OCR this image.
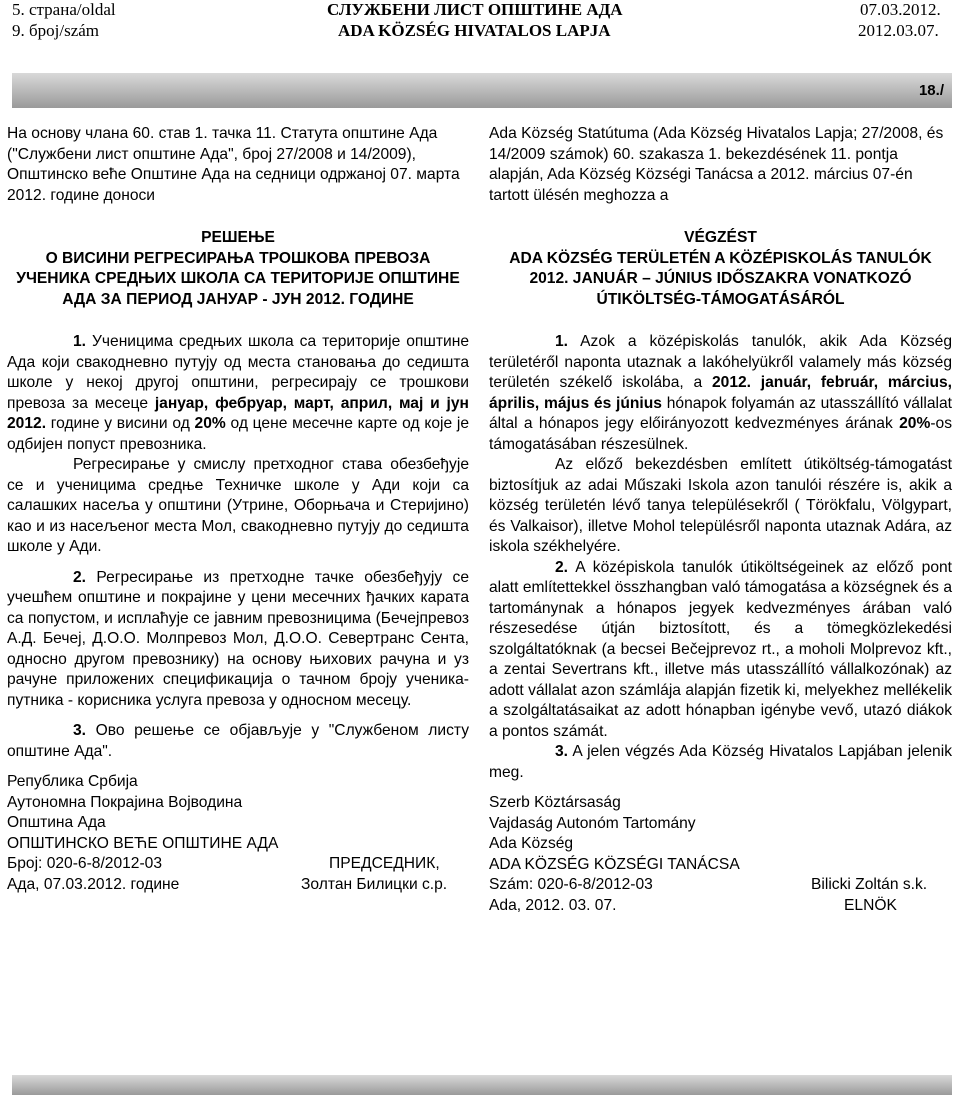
5. страна/oldal
9. број/szám
СЛУЖБЕНИ ЛИСТ ОПШТИНЕ АДА
ADA KÖZSÉG HIVATALOS LAPJA
07.03.2012.
2012.03.07.
18./

На основу члана 60. став 1. тачка 11. Статута општине Ада ("Службени лист општине Ада", број 27/2008 и 14/2009), Општинско веће Општине Ада на седници одржаној 07. марта 2012. године доноси

РЕШЕЊЕ

О ВИСИНИ РЕГРЕСИРАЊА ТРОШКОВА ПРЕВОЗА УЧЕНИКА СРЕДЊИХ ШКОЛА СА ТЕРИТОРИЈЕ ОПШТИНЕ АДА ЗА ПЕРИОД ЈАНУАР - ЈУН 2012. ГОДИНЕ

1. Ученицима средњих школа са територије општине Ада који свакодневно путују од места становања до седишта школе у некој другој општини, регресирају се трошкови превоза за месеце јануар, фебруар, март, април, мај и јун 2012. године у висини од 20% од цене месечне карте од које је одбијен попуст превозника.

Регресирање у смислу претходног става обезбеђује се и ученицима средње Техничке школе у Ади који са салашких насеља у општини (Утрине, Оборњача и Стеријино) као и из насељеног места Мол, свакодневно путују до седишта школе у Ади.

2. Регресирање из претходне тачке обезбеђују се учешћем општине и покрајине у цени месечних ђачких карата са попустом, и исплаћује се јавним превозницима (Бечејпревоз А.Д. Бечеј, Д.О.О. Молпревоз Мол, Д.О.О. Севертранс Сента, односно другом превознику) на основу њихових рачуна и уз рачуне приложених спецификација о тачном броју ученика-путника - корисника услуга превоза у односном месецу.

3. Ово решење се објављује у "Службеном листу општине Ада".

Република Србија

Аутономна Покрајина Војводина

Општина Ада

ОПШТИНСКО ВЕЋЕ ОПШТИНЕ АДА

Број: 020-6-8/2012-03	ПРЕДСЕДНИК,
Ада, 07.03.2012. године	Золтан Билицки с.р.

Ada Község Statútuma (Ada Község Hivatalos Lapja; 27/2008, és 14/2009 számok) 60. szakasza 1. bekezdésének 11. pontja alapján, Ada Község Községi Tanácsa a 2012. március 07-én tartott ülésén meghozza a

VÉGZÉST

ADA KÖZSÉG TERÜLETÉN A KÖZÉPISKOLÁS TANULÓK 2012. JANUÁR – JÚNIUS IDŐSZAKRA VONATKOZÓ ÚTIKÖLTSÉG-TÁMOGATÁSÁRÓL

1. Azok a középiskolás tanulók, akik Ada Község területéről naponta utaznak a lakóhelyükről valamely más község területén székelő iskolába, a 2012. január, február, március, április, május és június hónapok folyamán az utasszállító vállalat által a hónapos jegy előirányozott kedvezményes árának 20%-os támogatásában részesülnek.

Az előző bekezdésben említett útiköltség-támogatást biztosítjuk az adai Műszaki Iskola azon tanulói részére is, akik a község területén lévő tanya településekről ( Törökfalu, Völgypart, és Valkaisor), illetve Mohol településről naponta utaznak Adára, az iskola székhelyére.

2. A középiskola tanulók útiköltségeinek az előző pont alatt említettekkel összhangban való támogatása a községnek és a tartománynak a hónapos jegyek kedvezményes árában való részesedése útján biztosított, és a tömegközlekedési szolgáltatóknak (a becsei Bečejprevoz rt., a moholi Molprevoz kft., a zentai Severtrans kft., illetve más utasszállító vállalkozónak) az adott vállalat azon számlája alapján fizetik ki, melyekhez mellékelik a szolgáltatásaikat az adott hónapban igénybe vevő, utazó diákok a pontos számát.

3. A jelen végzés Ada Község Hivatalos Lapjában jelenik meg.

Szerb Köztársaság

Vajdaság Autonóm Tartomány

Ada Község

ADA KÖZSÉG KÖZSÉGI TANÁCSA

Szám: 020-6-8/2012-03	Bilicki Zoltán s.k.
Ada, 2012. 03. 07.	ELNÖK
